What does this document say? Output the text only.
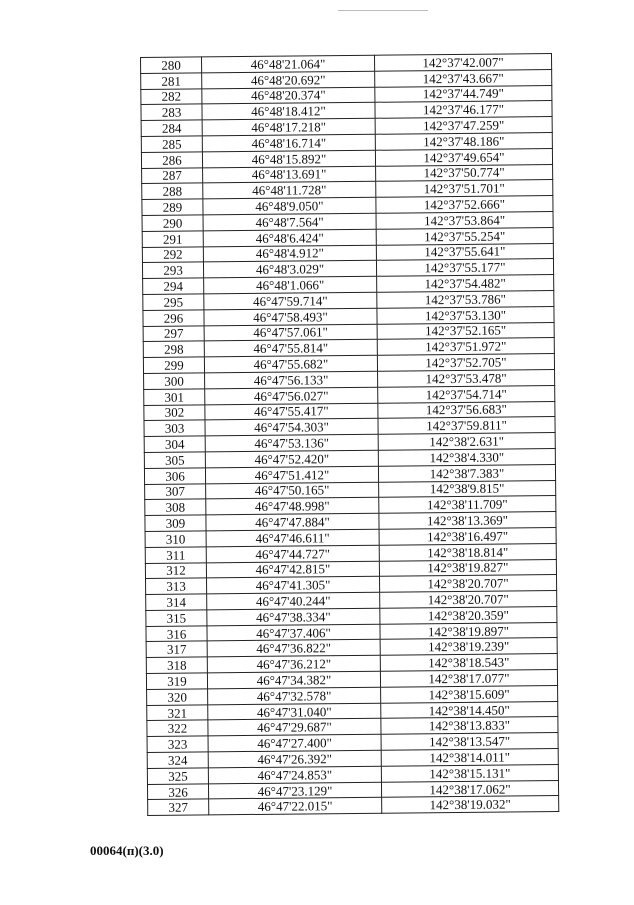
280	46°48'21.064"	142°37'42.007"
281	46°48'20.692"	142°37'43.667"
282	46°48'20.374"	142°37'44.749"
283	46°48'18.412"	142°37'46.177"
284	46°48'17.218"	142°37'47.259"
285	46°48'16.714"	142°37'48.186"
286	46°48'15.892"	142°37'49.654"
287	46°48'13.691"	142°37'50.774"
288	46°48'11.728"	142°37'51.701"
289	46°48'9.050"	142°37'52.666"
290	46°48'7.564"	142°37'53.864"
291	46°48'6.424"	142°37'55.254"
292	46°48'4.912"	142°37'55.641"
293	46°48'3.029"	142°37'55.177"
294	46°48'1.066"	142°37'54.482"
295	46°47'59.714"	142°37'53.786"
296	46°47'58.493"	142°37'53.130"
297	46°47'57.061"	142°37'52.165"
298	46°47'55.814"	142°37'51.972"
299	46°47'55.682"	142°37'52.705"
300	46°47'56.133"	142°37'53.478"
301	46°47'56.027"	142°37'54.714"
302	46°47'55.417"	142°37'56.683"
303	46°47'54.303"	142°37'59.811"
304	46°47'53.136"	142°38'2.631"
305	46°47'52.420"	142°38'4.330"
306	46°47'51.412"	142°38'7.383"
307	46°47'50.165"	142°38'9.815"
308	46°47'48.998"	142°38'11.709"
309	46°47'47.884"	142°38'13.369"
310	46°47'46.611"	142°38'16.497"
311	46°47'44.727"	142°38'18.814"
312	46°47'42.815"	142°38'19.827"
313	46°47'41.305"	142°38'20.707"
314	46°47'40.244"	142°38'20.707"
315	46°47'38.334"	142°38'20.359"
316	46°47'37.406"	142°38'19.897"
317	46°47'36.822"	142°38'19.239"
318	46°47'36.212"	142°38'18.543"
319	46°47'34.382"	142°38'17.077"
320	46°47'32.578"	142°38'15.609"
321	46°47'31.040"	142°38'14.450"
322	46°47'29.687"	142°38'13.833"
323	46°47'27.400"	142°38'13.547"
324	46°47'26.392"	142°38'14.011"
325	46°47'24.853"	142°38'15.131"
326	46°47'23.129"	142°38'17.062"
327	46°47'22.015"	142°38'19.032"
00064(п)(3.0)
